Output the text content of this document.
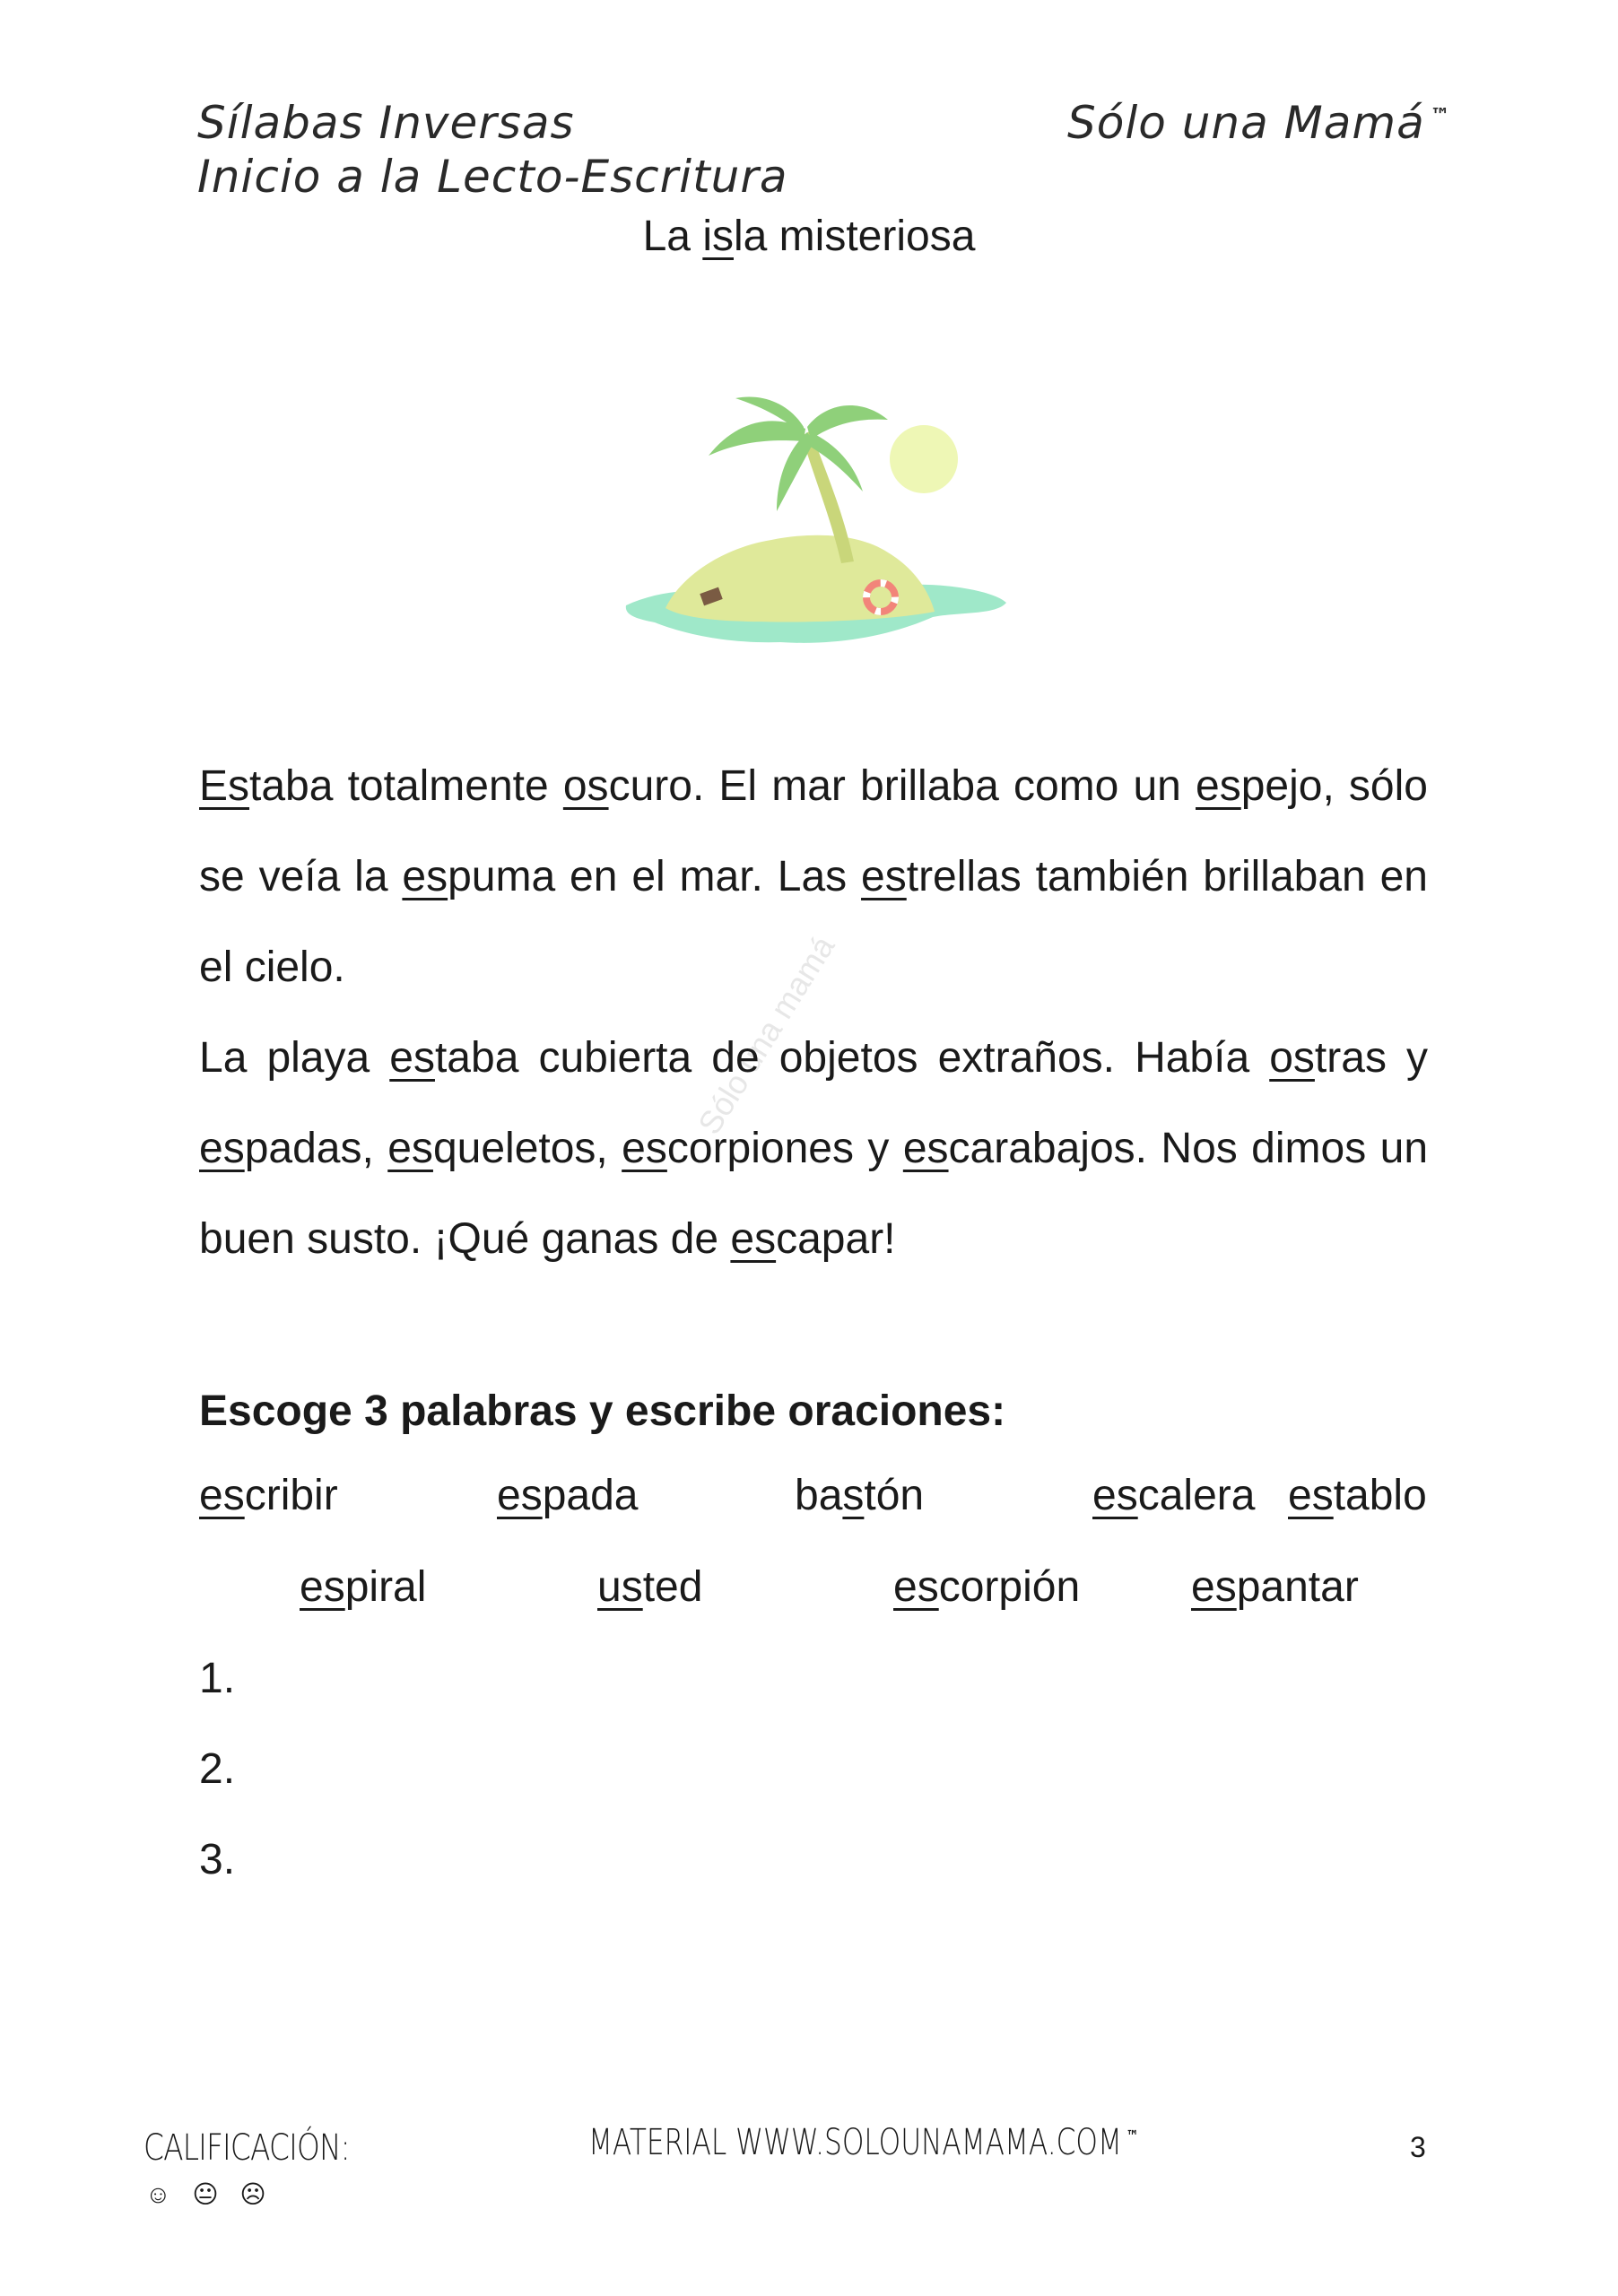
Sílabas Inversas
Inicio a la Lecto-Escritura
Sólo una Mamá ™
La isla misteriosa
Sólo una mamá

Estaba totalmente oscuro. El mar brillaba como un espejo, sólo se veía la espuma en el mar. Las estrellas también brillaban en el cielo.

La playa estaba cubierta de objetos extraños. Había ostras y espadas, esqueletos, escorpiones y escarabajos. Nos dimos un buen susto. ¡Qué ganas de escapar!

Escoge 3 palabras y escribe oraciones:
escribir	espada	bastón	escalera establo
espiral	usted	escorpión	espantar
1.
2.
3.
CALIFICACIÓN:
☺ 😐 ☹
MATERIAL WWW.SOLOUNAMAMA.COM ™	3
